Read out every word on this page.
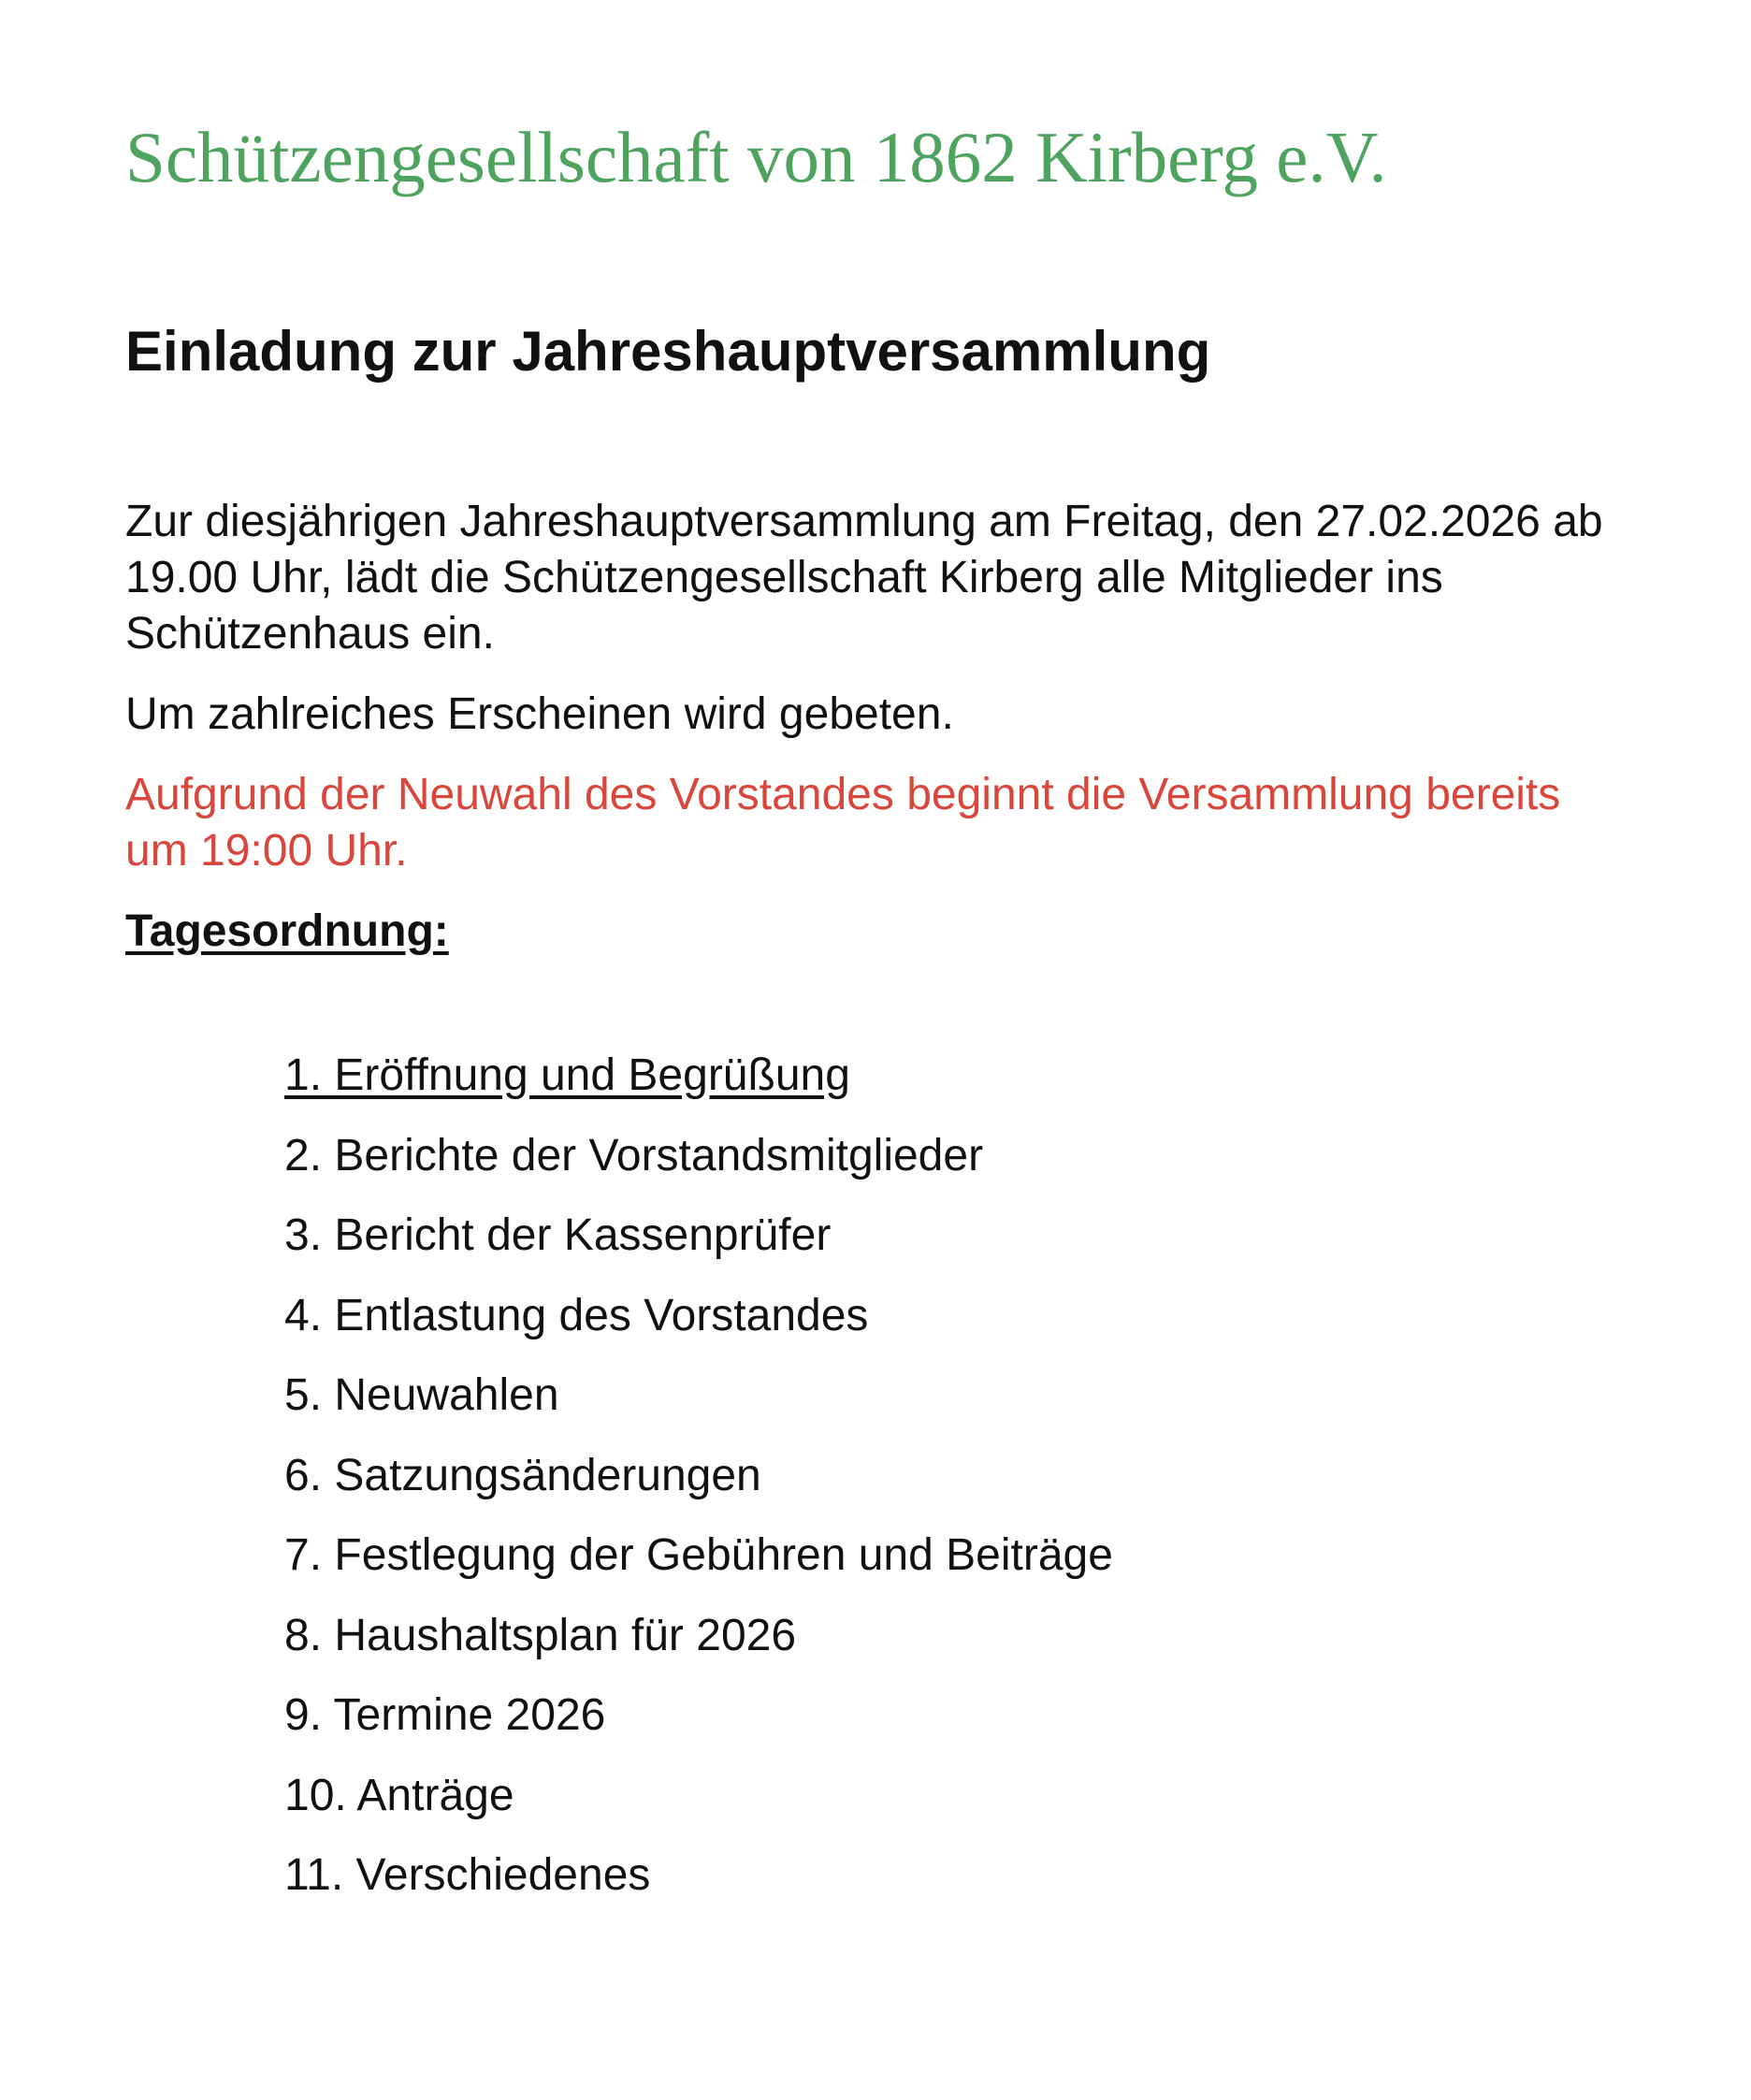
Schützengesellschaft von 1862 Kirberg e.V.
Einladung zur Jahreshauptversammlung

Zur diesjährigen Jahreshauptversammlung am Freitag, den 27.02.2026 ab 19.00 Uhr, lädt die Schützengesellschaft Kirberg alle Mitglieder ins Schützenhaus ein.

Um zahlreiches Erscheinen wird gebeten.

Aufgrund der Neuwahl des Vorstandes beginnt die Versammlung bereits um 19:00 Uhr.

Tagesordnung:

1. Eröffnung und Begrüßung
2. Berichte der Vorstandsmitglieder
3. Bericht der Kassenprüfer
4. Entlastung des Vorstandes
5. Neuwahlen
6. Satzungsänderungen
7. Festlegung der Gebühren und Beiträge
8. Haushaltsplan für 2026
9. Termine 2026
10. Anträge
11. Verschiedenes
